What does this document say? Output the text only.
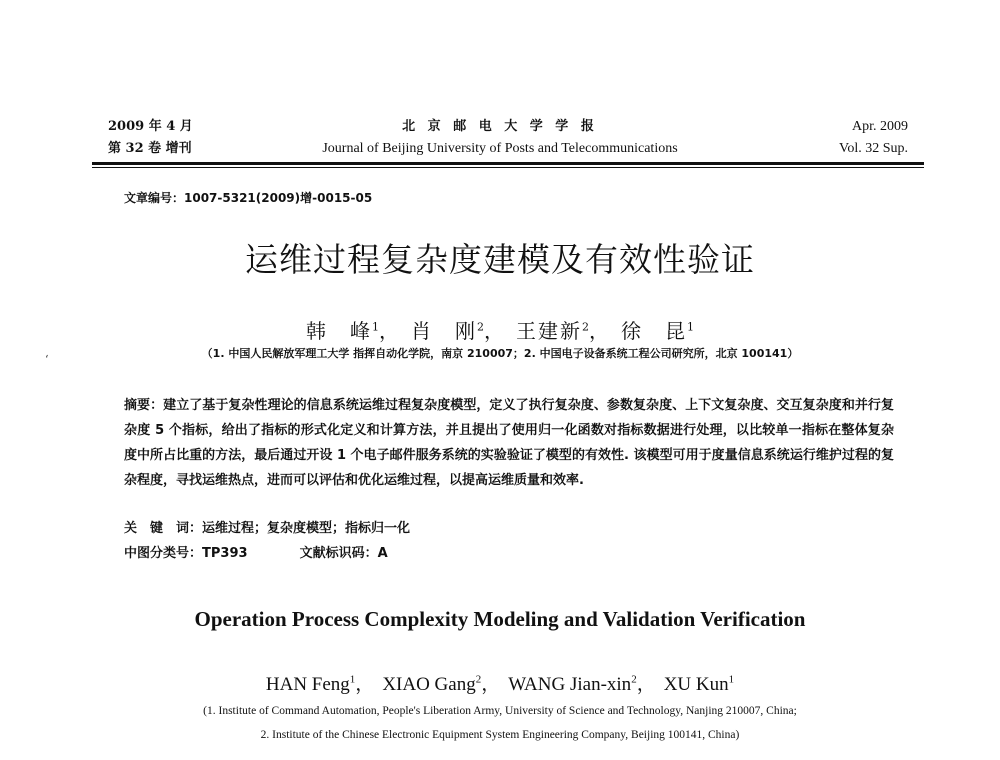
2009 年 4 月
第 32 卷 增刊
北 京 邮 电 大 学 学 报
Journal of Beijing University of Posts and Telecommunications
Apr. 2009
Vol. 32 Sup.
文章编号：1007-5321(2009)增-0015-05
运维过程复杂度建模及有效性验证
韩　峰$^1$， 肖　刚$^2$， 王建新$^2$， 徐　昆$^1$
（1. 中国人民解放军理工大学 指挥自动化学院，南京 210007；2. 中国电子设备系统工程公司研究所，北京 100141）
‘
摘要：建立了基于复杂性理论的信息系统运维过程复杂度模型，定义了执行复杂度、参数复杂度、上下文复杂度、交互复杂度和并行复杂度 5 个指标，给出了指标的形式化定义和计算方法，并且提出了使用归一化函数对指标数据进行处理，以比较单一指标在整体复杂度中所占比重的方法，最后通过开设 1 个电子邮件服务系统的实验验证了模型的有效性. 该模型可用于度量信息系统运行维护过程的复杂程度，寻找运维热点，进而可以评估和优化运维过程，以提高运维质量和效率.
关　键　词：运维过程；复杂度模型；指标归一化
中图分类号：TP393	文献标识码：A
Operation Process Complexity Modeling and Validation Verification
HAN Feng$^1$， XIAO Gang$^2$， WANG Jian-xin$^2$， XU Kun$^1$
(1. Institute of Command Automation, People's Liberation Army, University of Science and Technology, Nanjing 210007, China;
2. Institute of the Chinese Electronic Equipment System Engineering Company, Beijing 100141, China)
